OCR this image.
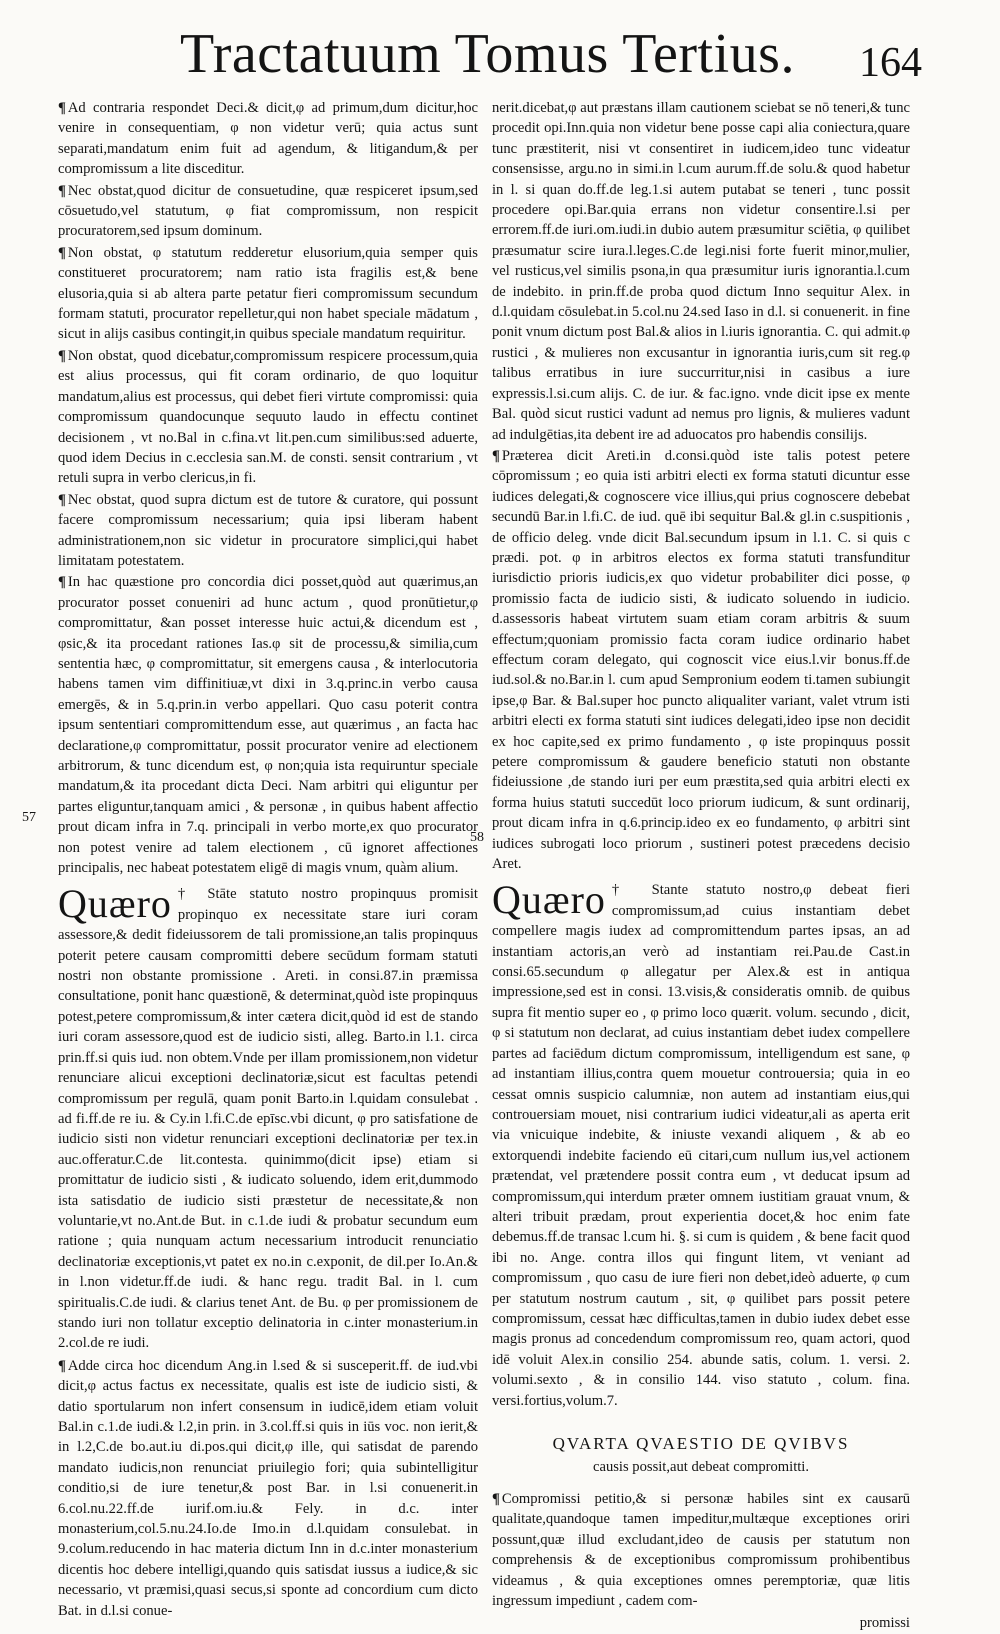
Tractatuum Tomus Tertius. 164
57
58

¶ Ad contraria respondet Deci.& dicit,φ ad primum,dum dicitur,hoc venire in consequentiam, φ non videtur verū; quia actus sunt separati,mandatum enim fuit ad agendum, & litigandum,& per compromissum a lite disceditur.

¶ Nec obstat,quod dicitur de consuetudine, quæ respiceret ipsum,sed cōsuetudo,vel statutum, φ fiat compromissum, non respicit procuratorem,sed ipsum dominum.

¶ Non obstat, φ statutum redderetur elusorium,quia semper quis constitueret procuratorem; nam ratio ista fragilis est,& bene elusoria,quia si ab altera parte petatur fieri compromissum secundum formam statuti, procurator repelletur,qui non habet speciale mādatum , sicut in alijs casibus contingit,in quibus speciale mandatum requiritur.

¶ Non obstat, quod dicebatur,compromissum respicere processum,quia est alius processus, qui fit coram ordinario, de quo loquitur mandatum,alius est processus, qui debet fieri virtute compromissi: quia compromissum quandocunque sequuto laudo in effectu continet decisionem , vt no.Bal in c.fina.vt lit.pen.cum similibus:sed aduerte, quod idem Decius in c.ecclesia san.M. de consti. sensit contrarium , vt retuli supra in verbo clericus,in fi.

¶ Nec obstat, quod supra dictum est de tutore & curatore, qui possunt facere compromissum necessarium; quia ipsi liberam habent administrationem,non sic videtur in procuratore simplici,qui habet limitatam potestatem.

¶ In hac quæstione pro concordia dici posset,quòd aut quærimus,an procurator posset conueniri ad hunc actum , quod pronūtietur,φ compromittatur, &an posset interesse huic actui,& dicendum est , φsic,& ita procedant rationes Ias.φ sit de processu,& similia,cum sententia hæc, φ compromittatur, sit emergens causa , & interlocutoria habens tamen vim diffinitiuæ,vt dixi in 3.q.princ.in verbo causa emergēs, & in 5.q.prin.in verbo appellari. Quo casu poterit contra ipsum sententiari compromittendum esse, aut quærimus , an facta hac declaratione,φ compromittatur, possit procurator venire ad electionem arbitrorum, & tunc dicendum est, φ non;quia ista requiruntur speciale mandatum,& ita procedant dicta Deci. Nam arbitri qui eliguntur per partes eliguntur,tanquam amici , & personæ , in quibus habent affectio prout dicam infra in 7.q. principali in verbo morte,ex quo procurator non potest venire ad talem electionem , cū ignoret affectiones principalis, nec habeat potestatem eligē di magis vnum, quàm alium.

Quæro † Stāte statuto nostro propinquus promisit propinquo ex necessitate stare iuri coram assessore,& dedit fideiussorem de tali promissione,an talis propinquus poterit petere causam compromitti debere secūdum formam statuti nostri non obstante promissione . Areti. in consi.87.in præmissa consultatione, ponit hanc quæstionē, & determinat,quòd iste propinquus potest,petere compromissum,& inter cætera dicit,quòd id est de stando iuri coram assessore,quod est de iudicio sisti, alleg. Barto.in l.1. circa prin.ff.si quis iud. non obtem.Vnde per illam promissionem,non videtur renunciare alicui exceptioni declinatoriæ,sicut est facultas petendi compromissum per regulā, quam ponit Barto.in l.quidam consulebat . ad fi.ff.de re iu. & Cy.in l.fi.C.de epīsc.vbi dicunt, φ pro satisfatione de iudicio sisti non videtur renunciari exceptioni declinatoriæ per tex.in auc.offeratur.C.de lit.contesta. quinimmo(dicit ipse) etiam si promittatur de iudicio sisti , & iudicato soluendo, idem erit,dummodo ista satisdatio de iudicio sisti præstetur de necessitate,& non voluntarie,vt no.Ant.de But. in c.1.de iudi & probatur secundum eum ratione ; quia nunquam actum necessarium introducit renunciatio declinatoriæ exceptionis,vt patet ex no.in c.exponit, de dil.per Io.An.& in l.non videtur.ff.de iudi. & hanc regu. tradit Bal. in l. cum spiritualis.C.de iudi. & clarius tenet Ant. de Bu. φ per promissionem de stando iuri non tollatur exceptio delinatoria in c.inter monasterium.in 2.col.de re iudi.

¶ Adde circa hoc dicendum Ang.in l.sed & si susceperit.ff. de iud.vbi dicit,φ actus factus ex necessitate, qualis est iste de iudicio sisti, & datio sportularum non infert consensum in iudicē,idem etiam voluit Bal.in c.1.de iudi.& l.2,in prin. in 3.col.ff.si quis in iūs voc. non ierit,& in l.2,C.de bo.aut.iu di.pos.qui dicit,φ ille, qui satisdat de parendo mandato iudicis,non renunciat priuilegio fori; quia subintelligitur conditio,si de iure tenetur,& post Bar. in l.si conuenerit.in 6.col.nu.22.ff.de iurif.om.iu.& Fely. in d.c. inter monasterium,col.5.nu.24.Io.de Imo.in d.l.quidam consulebat. in 9.colum.reducendo in hac materia dictum Inn in d.c.inter monasterium dicentis hoc debere intelligi,quando quis satisdat iussus a iudice,& sic necessario, vt præmisi,quasi secus,si sponte ad concordium cum dicto Bat. in d.l.si conue-

nerit.dicebat,φ aut præstans illam cautionem sciebat se nō teneri,& tunc procedit opi.Inn.quia non videtur bene posse capi alia coniectura,quare tunc præstiterit, nisi vt consentiret in iudicem,ideo tunc videatur consensisse, argu.no in simi.in l.cum aurum.ff.de solu.& quod habetur in l. si quan do.ff.de leg.1.si autem putabat se teneri , tunc possit procedere opi.Bar.quia errans non videtur consentire.l.si per errorem.ff.de iuri.om.iudi.in dubio autem præsumitur sciētia, φ quilibet præsumatur scire iura.l.leges.C.de legi.nisi forte fuerit minor,mulier, vel rusticus,vel similis psona,in qua præsumitur iuris ignorantia.l.cum de indebito. in prin.ff.de proba quod dictum Inno sequitur Alex. in d.l.quidam cōsulebat.in 5.col.nu 24.sed Iaso in d.l. si conuenerit. in fine ponit vnum dictum post Bal.& alios in l.iuris ignorantia. C. qui admit.φ rustici , & mulieres non excusantur in ignorantia iuris,cum sit reg.φ talibus erratibus in iure succurritur,nisi in casibus a iure expressis.l.si.cum alijs. C. de iur. & fac.igno. vnde dicit ipse ex mente Bal. quòd sicut rustici vadunt ad nemus pro lignis, & mulieres vadunt ad indulgētias,ita debent ire ad aduocatos pro habendis consilijs.

¶ Præterea dicit Areti.in d.consi.quòd iste talis potest petere cōpromissum ; eo quia isti arbitri electi ex forma statuti dicuntur esse iudices delegati,& cognoscere vice illius,qui prius cognoscere debebat secundū Bar.in l.fi.C. de iud. quē ibi sequitur Bal.& gl.in c.suspitionis , de officio deleg. vnde dicit Bal.secundum ipsum in l.1. C. si quis c prædi. pot. φ in arbitros electos ex forma statuti transfunditur iurisdictio prioris iudicis,ex quo videtur probabiliter dici posse, φ promissio facta de iudicio sisti, & iudicato soluendo in iudicio. d.assessoris habeat virtutem suam etiam coram arbitris & suum effectum;quoniam promissio facta coram iudice ordinario habet effectum coram delegato, qui cognoscit vice eius.l.vir bonus.ff.de iud.sol.& no.Bar.in l. cum apud Sempronium eodem ti.tamen subiungit ipse,φ Bar. & Bal.super hoc puncto aliqualiter variant, valet vtrum isti arbitri electi ex forma statuti sint iudices delegati,ideo ipse non decidit ex hoc capite,sed ex primo fundamento , φ iste propinquus possit petere compromissum & gaudere beneficio statuti non obstante fideiussione ,de stando iuri per eum præstita,sed quia arbitri electi ex forma huius statuti succedūt loco priorum iudicum, & sunt ordinarij, prout dicam infra in q.6.princip.ideo ex eo fundamento, φ arbitri sint iudices subrogati loco priorum , sustineri potest præcedens decisio Aret.

Quæro † Stante statuto nostro,φ debeat fieri compromissum,ad cuius instantiam debet compellere magis iudex ad compromittendum partes ipsas, an ad instantiam actoris,an verò ad instantiam rei.Pau.de Cast.in consi.65.secundum φ allegatur per Alex.& est in antiqua impressione,sed est in consi. 13.visis,& consideratis omnib. de quibus supra fit mentio super eo , φ primo loco quærit. volum. secundo , dicit, φ si statutum non declarat, ad cuius instantiam debet iudex compellere partes ad faciēdum dictum compromissum, intelligendum est sane, φ ad instantiam illius,contra quem mouetur controuersia; quia in eo cessat omnis suspicio calumniæ, non autem ad instantiam eius,qui controuersiam mouet, nisi contrarium iudici videatur,ali as aperta erit via vnicuique indebite, & iniuste vexandi aliquem , & ab eo extorquendi indebite faciendo eū citari,cum nullum ius,vel actionem prætendat, vel prætendere possit contra eum , vt deducat ipsum ad compromissum,qui interdum præter omnem iustitiam grauat vnum, & alteri tribuit prædam, prout experientia docet,& hoc enim fate debemus.ff.de transac l.cum hi. §. si cum is quidem , & bene facit quod ibi no. Ange. contra illos qui fingunt litem, vt veniant ad compromissum , quo casu de iure fieri non debet,ideò aduerte, φ cum per statutum nostrum cautum , sit, φ quilibet pars possit petere compromissum, cessat hæc difficultas,tamen in dubio iudex debet esse magis pronus ad concedendum compromissum reo, quam actori, quod idē voluit Alex.in consilio 254. abunde satis, colum. 1. versi. 2. volumi.sexto , & in consilio 144. viso statuto , colum. fina. versi.fortius,volum.7.
QVARTA QVAESTIO DE QVIBVS
causis possit,aut debeat compromitti.

¶ Compromissi petitio,& si personæ habiles sint ex causarū qualitate,quandoque tamen impeditur,multæque exceptiones oriri possunt,quæ illud excludant,ideo de causis per statutum non comprehensis & de exceptionibus compromissum prohibentibus videamus , & quia exceptiones omnes peremptoriæ, quæ litis ingressum impediunt , cadem com-

promissi
